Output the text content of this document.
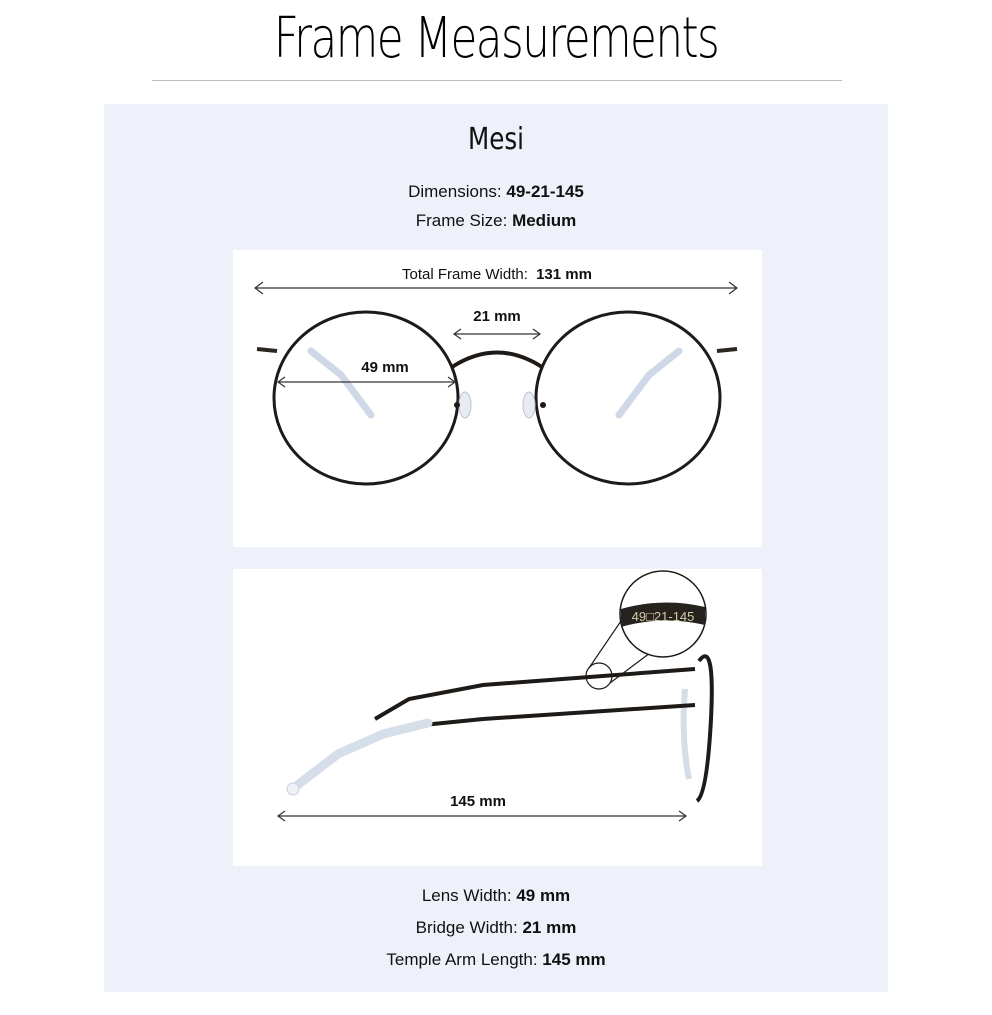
Frame Measurements
Mesi
Dimensions: 49-21-145
Frame Size: Medium
Total Frame Width: 131 mm
21 mm
49 mm
49□21-145
145 mm
Lens Width: 49 mm
Bridge Width: 21 mm
Temple Arm Length: 145 mm
